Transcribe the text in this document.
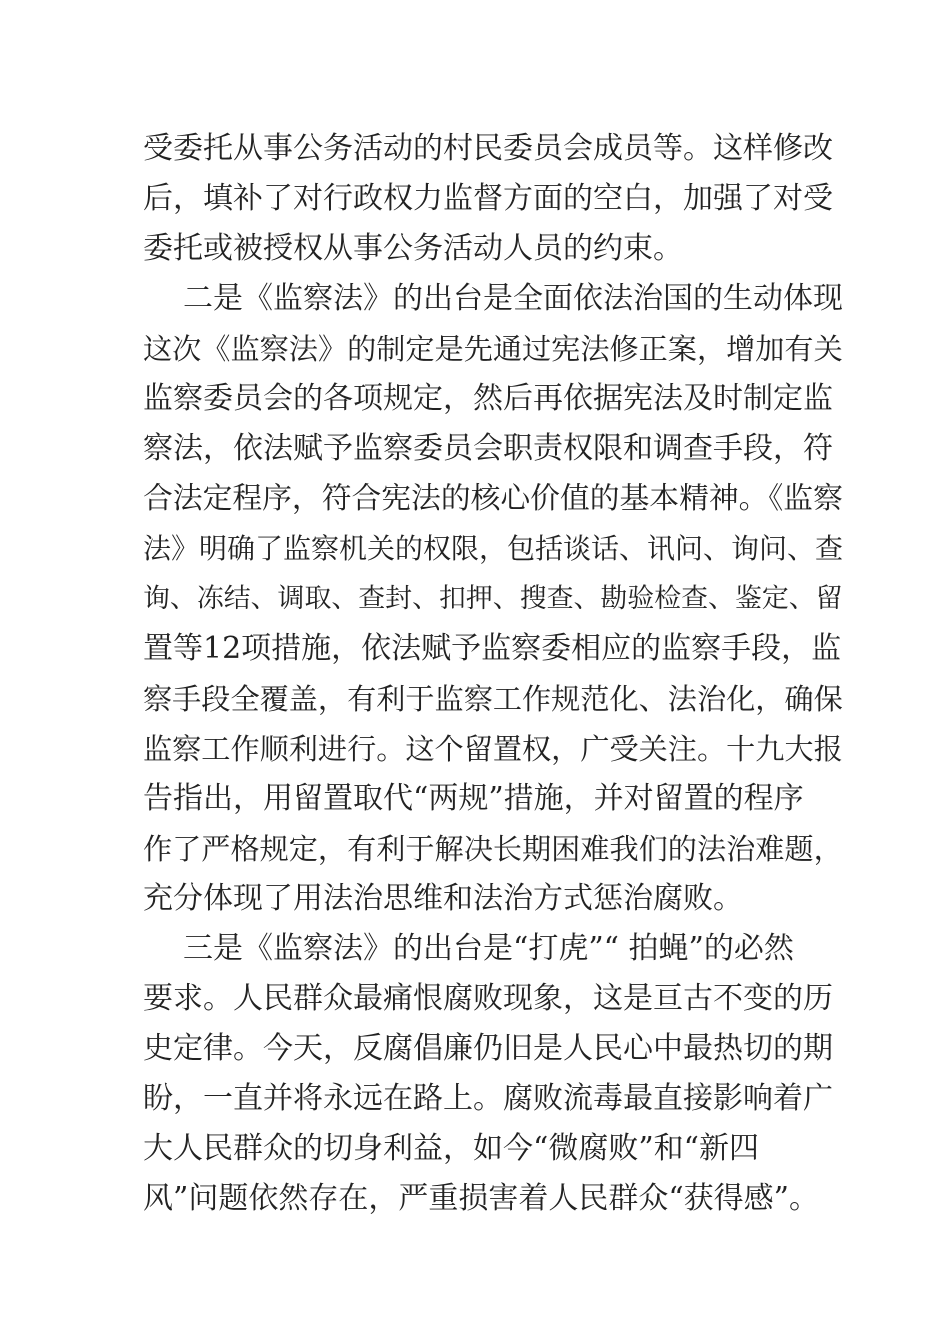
受委托从事公务活动的村民委员会成员等。这样修改
后，填补了对行政权力监督方面的空白，加强了对受
委托或被授权从事公务活动人员的约束。
二是《监察法》的出台是全面依法治国的生动体现
这次《监察法》的制定是先通过宪法修正案，增加有关
监察委员会的各项规定，然后再依据宪法及时制定监
察法，依法赋予监察委员会职责权限和调查手段，符
合法定程序，符合宪法的核心价值的基本精神。《监察
法》明确了监察机关的权限，包括谈话、讯问、询问、查
询、冻结、调取、查封、扣押、搜查、勘验检查、鉴定、留
置等12项措施，依法赋予监察委相应的监察手段，监
察手段全覆盖，有利于监察工作规范化、法治化，确保
监察工作顺利进行。这个留置权，广受关注。十九大报
告指出，用留置取代“两规”措施，并对留置的程序
作了严格规定，有利于解决长期困难我们的法治难题，
充分体现了用法治思维和法治方式惩治腐败。
三是《监察法》的出台是“打虎”“ 拍蝇”的必然
要求。人民群众最痛恨腐败现象，这是亘古不变的历
史定律。今天，反腐倡廉仍旧是人民心中最热切的期
盼，一直并将永远在路上。腐败流毒最直接影响着广
大人民群众的切身利益，如今“微腐败”和“新四
风”问题依然存在，严重损害着人民群众“获得感”。
